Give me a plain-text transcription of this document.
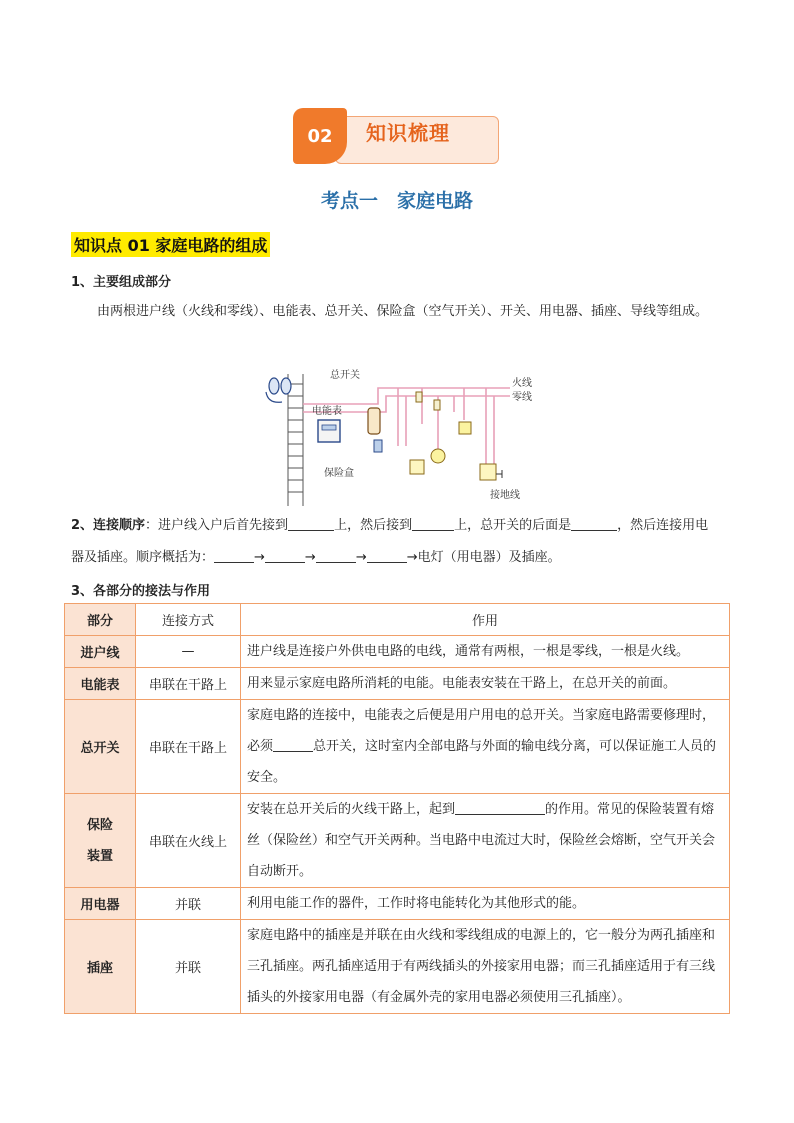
知识梳理
02
考点一　家庭电路
知识点 01 家庭电路的组成
1、主要组成部分
由两根进户线（火线和零线）、电能表、总开关、保险盒（空气开关）、开关、用电器、插座、导线等组成。
总开关
电能表
保险盒
火线
零线
接地线
2、连接顺序：进户线入户后首先接到	上，然后接到	上，总开关的后面是	，然后连接用电器及插座。顺序概括为：	→	→	→	→电灯（用电器）及插座。
3、各部分的接法与作用
部分	连接方式	作用
进户线	—	进户线是连接户外供电电路的电线，通常有两根，一根是零线，一根是火线。
电能表	串联在干路上	用来显示家庭电路所消耗的电能。电能表安装在干路上，在总开关的前面。
总开关	串联在干路上	家庭电路的连接中，电能表之后便是用户用电的总开关。当家庭电路需要修理时，必须 总开关，这时室内全部电路与外面的输电线分离，可以保证施工人员的安全。
保险
装置	串联在火线上	安装在总开关后的火线干路上，起到 的作用。常见的保险装置有熔丝（保险丝）和空气开关两种。当电路中电流过大时，保险丝会熔断，空气开关会自动断开。
用电器	并联	利用电能工作的器件，工作时将电能转化为其他形式的能。
插座	并联	家庭电路中的插座是并联在由火线和零线组成的电源上的，它一般分为两孔插座和三孔插座。两孔插座适用于有两线插头的外接家用电器；而三孔插座适用于有三线插头的外接家用电器（有金属外壳的家用电器必须使用三孔插座）。
